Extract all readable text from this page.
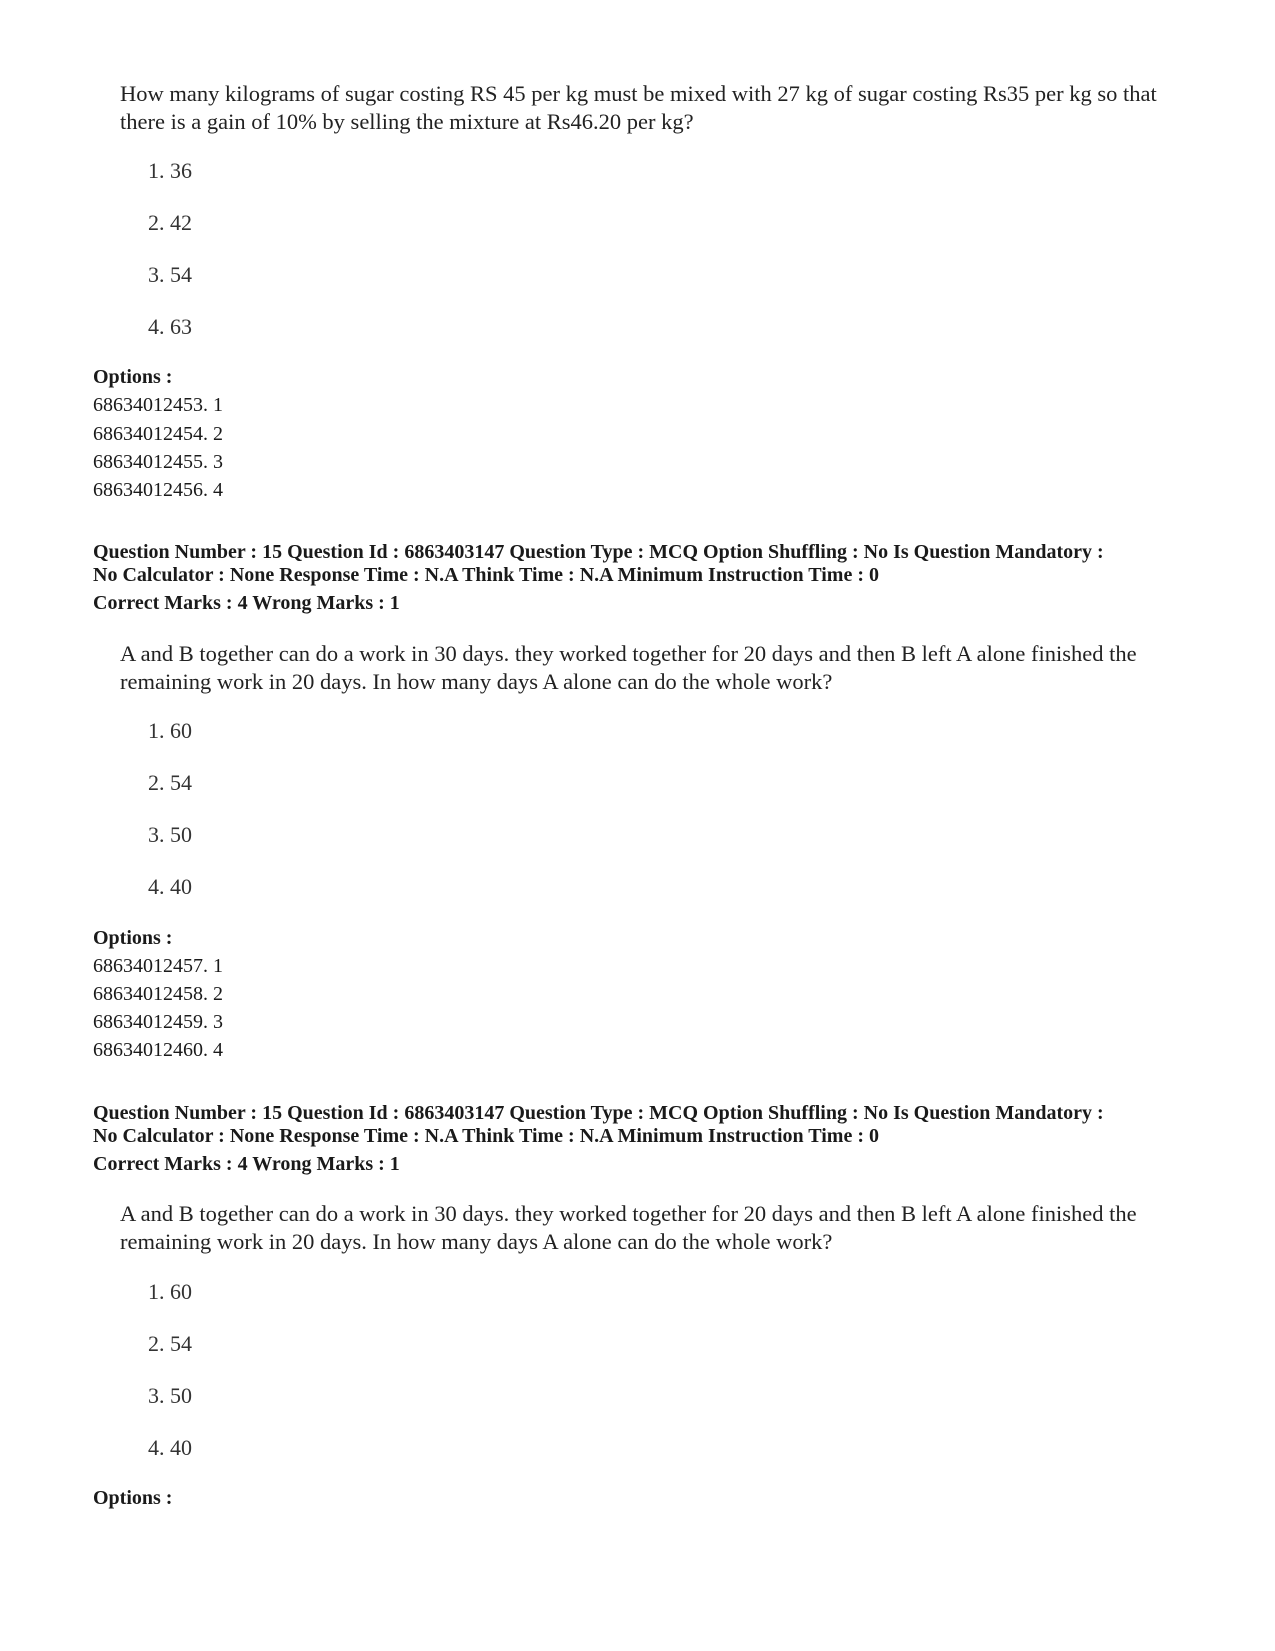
How many kilograms of sugar costing RS 45 per kg must be mixed with 27 kg of sugar costing Rs35 per kg so that there is a gain of 10% by selling the mixture at Rs46.20 per kg?
1. 36
2. 42
3. 54
4. 63
Options :
68634012453. 1
68634012454. 2
68634012455. 3
68634012456. 4
Question Number : 15 Question Id : 6863403147 Question Type : MCQ Option Shuffling : No Is Question Mandatory :
No Calculator : None Response Time : N.A Think Time : N.A Minimum Instruction Time : 0
Correct Marks : 4 Wrong Marks : 1
A and B together can do a work in 30 days. they worked together for 20 days and then B left A alone finished the remaining work in 20 days. In how many days A alone can do the whole work?
1. 60
2. 54
3. 50
4. 40
Options :
68634012457. 1
68634012458. 2
68634012459. 3
68634012460. 4
Question Number : 15 Question Id : 6863403147 Question Type : MCQ Option Shuffling : No Is Question Mandatory :
No Calculator : None Response Time : N.A Think Time : N.A Minimum Instruction Time : 0
Correct Marks : 4 Wrong Marks : 1
A and B together can do a work in 30 days. they worked together for 20 days and then B left A alone finished the remaining work in 20 days. In how many days A alone can do the whole work?
1. 60
2. 54
3. 50
4. 40
Options :
